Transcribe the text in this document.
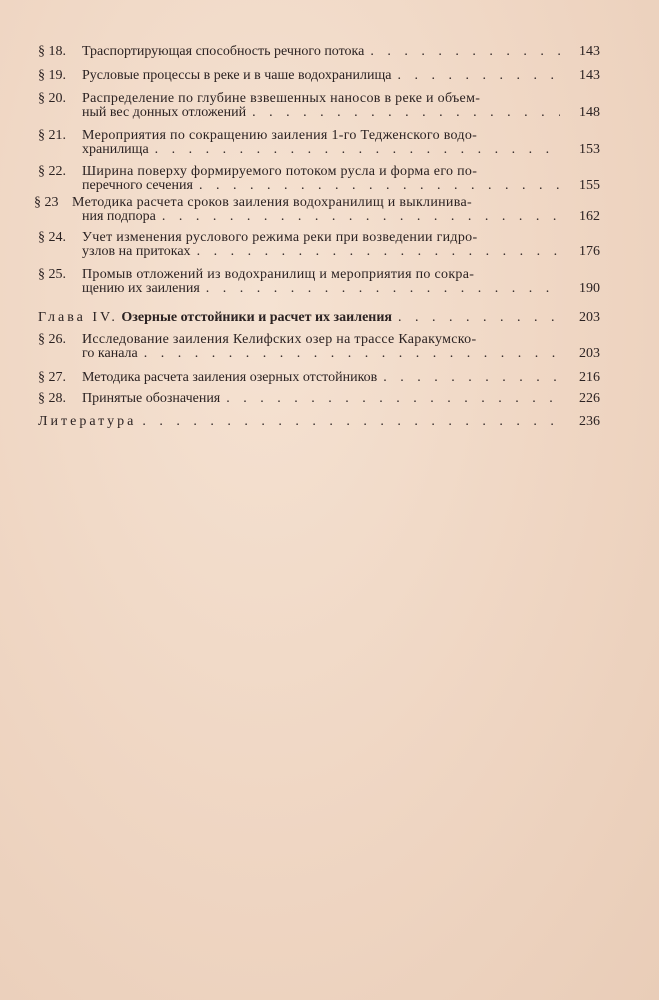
§ 18. Траспортирующая способность речного потока . . .	143
§ 19. Русловые процессы в реке и в чаше водохранилища . . .	143
§ 20. Распределение по глубине взвешенных наносов в реке и объем-
ный вес донных отложений . . .	148
§ 21. Мероприятия по сокращению заиления 1-го Тедженского водо-
хранилища . . .	153
§ 22. Ширина поверху формируемого потоком русла и форма его по-
перечного сечения . . .	155
§ 23 Методика расчета сроков заиления водохранилищ и выклинива-
ния подпора . . .	162
§ 24. Учет изменения руслового режима реки при возведении гидро-
узлов на притоках . . .	176
§ 25. Промыв отложений из водохранилищ и мероприятия по сокра-
щению их заиления . . .	190
Глава IV.
Озерные отстойники и расчет их заиления . . .	203
§ 26. Исследование заиления Келифских озер на трассе Каракумско-
го канала . . .	203
§ 27. Методика расчета заиления озерных отстойников . . .	216
§ 28. Принятые обозначения . . .	226
Литература . . .	236
